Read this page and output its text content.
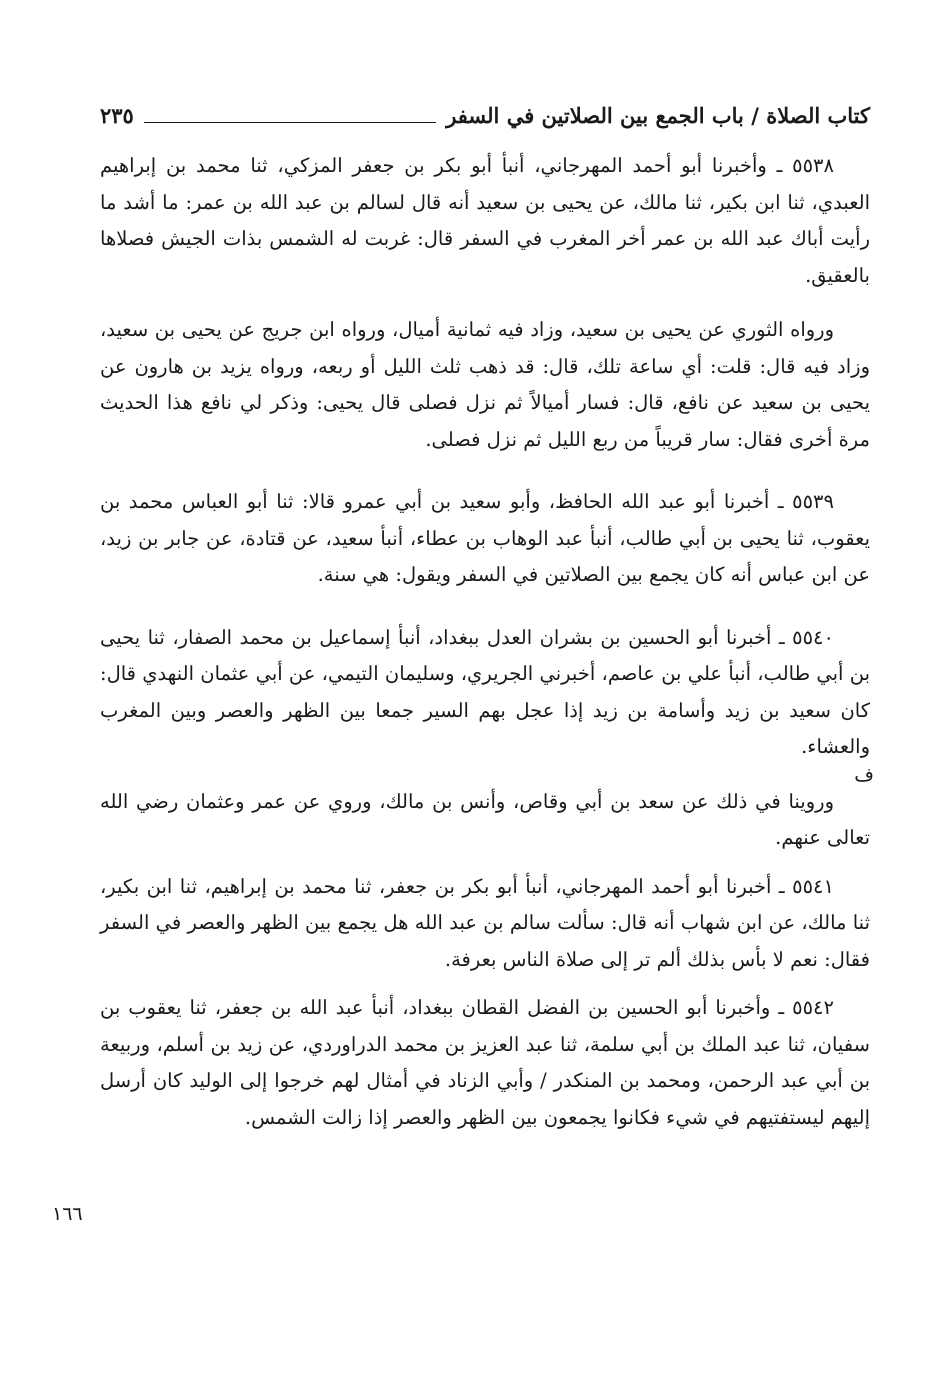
كتاب الصلاة / باب الجمع بين الصلاتين في السفر
٢٣٥

٥٥٣٨ ـ وأخبرنا أبو أحمد المهرجاني، أنبأ أبو بكر بن جعفر المزكي، ثنا محمد بن إبراهيم العبدي، ثنا ابن بكير، ثنا مالك، عن يحيى بن سعيد أنه قال لسالم بن عبد الله بن عمر: ما أشد ما رأيت أباك عبد الله بن عمر أخر المغرب في السفر قال: غربت له الشمس بذات الجيش فصلاها بالعقيق.

ورواه الثوري عن يحيى بن سعيد، وزاد فيه ثمانية أميال، ورواه ابن جريج عن يحيى بن سعيد، وزاد فيه قال: قلت: أي ساعة تلك، قال: قد ذهب ثلث الليل أو ربعه، ورواه يزيد بن هارون عن يحيى بن سعيد عن نافع، قال: فسار أميالاً ثم نزل فصلى قال يحيى: وذكر لي نافع هذا الحديث مرة أخرى فقال: سار قريباً من ربع الليل ثم نزل فصلى.

٥٥٣٩ ـ أخبرنا أبو عبد الله الحافظ، وأبو سعيد بن أبي عمرو قالا: ثنا أبو العباس محمد بن يعقوب، ثنا يحيى بن أبي طالب، أنبأ عبد الوهاب بن عطاء، أنبأ سعيد، عن قتادة، عن جابر بن زيد، عن ابن عباس أنه كان يجمع بين الصلاتين في السفر ويقول: هي سنة.

٥٥٤٠ ـ أخبرنا أبو الحسين بن بشران العدل ببغداد، أنبأ إسماعيل بن محمد الصفار، ثنا يحيى بن أبي طالب، أنبأ علي بن عاصم، أخبرني الجريري، وسليمان التيمي، عن أبي عثمان النهدي قال: كان سعيد بن زيد وأسامة بن زيد إذا عجل بهم السير جمعا بين الظهر والعصر وبين المغرب والعشاء.

ف

وروينا في ذلك عن سعد بن أبي وقاص، وأنس بن مالك، وروي عن عمر وعثمان رضي الله تعالى عنهم.

٥٥٤١ ـ أخبرنا أبو أحمد المهرجاني، أنبأ أبو بكر بن جعفر، ثنا محمد بن إبراهيم، ثنا ابن بكير، ثنا مالك، عن ابن شهاب أنه قال: سألت سالم بن عبد الله هل يجمع بين الظهر والعصر في السفر فقال: نعم لا بأس بذلك ألم تر إلى صلاة الناس بعرفة.

٥٥٤٢ ـ وأخبرنا أبو الحسين بن الفضل القطان ببغداد، أنبأ عبد الله بن جعفر، ثنا يعقوب بن سفيان، ثنا عبد الملك بن أبي سلمة، ثنا عبد العزيز بن محمد الدراوردي، عن زيد بن أسلم، وربيعة بن أبي عبد الرحمن، ومحمد بن المنكدر / وأبي الزناد في أمثال لهم خرجوا إلى الوليد كان أرسل إليهم ليستفتيهم في شيء فكانوا يجمعون بين الظهر والعصر إذا زالت الشمس.

١٦٦
